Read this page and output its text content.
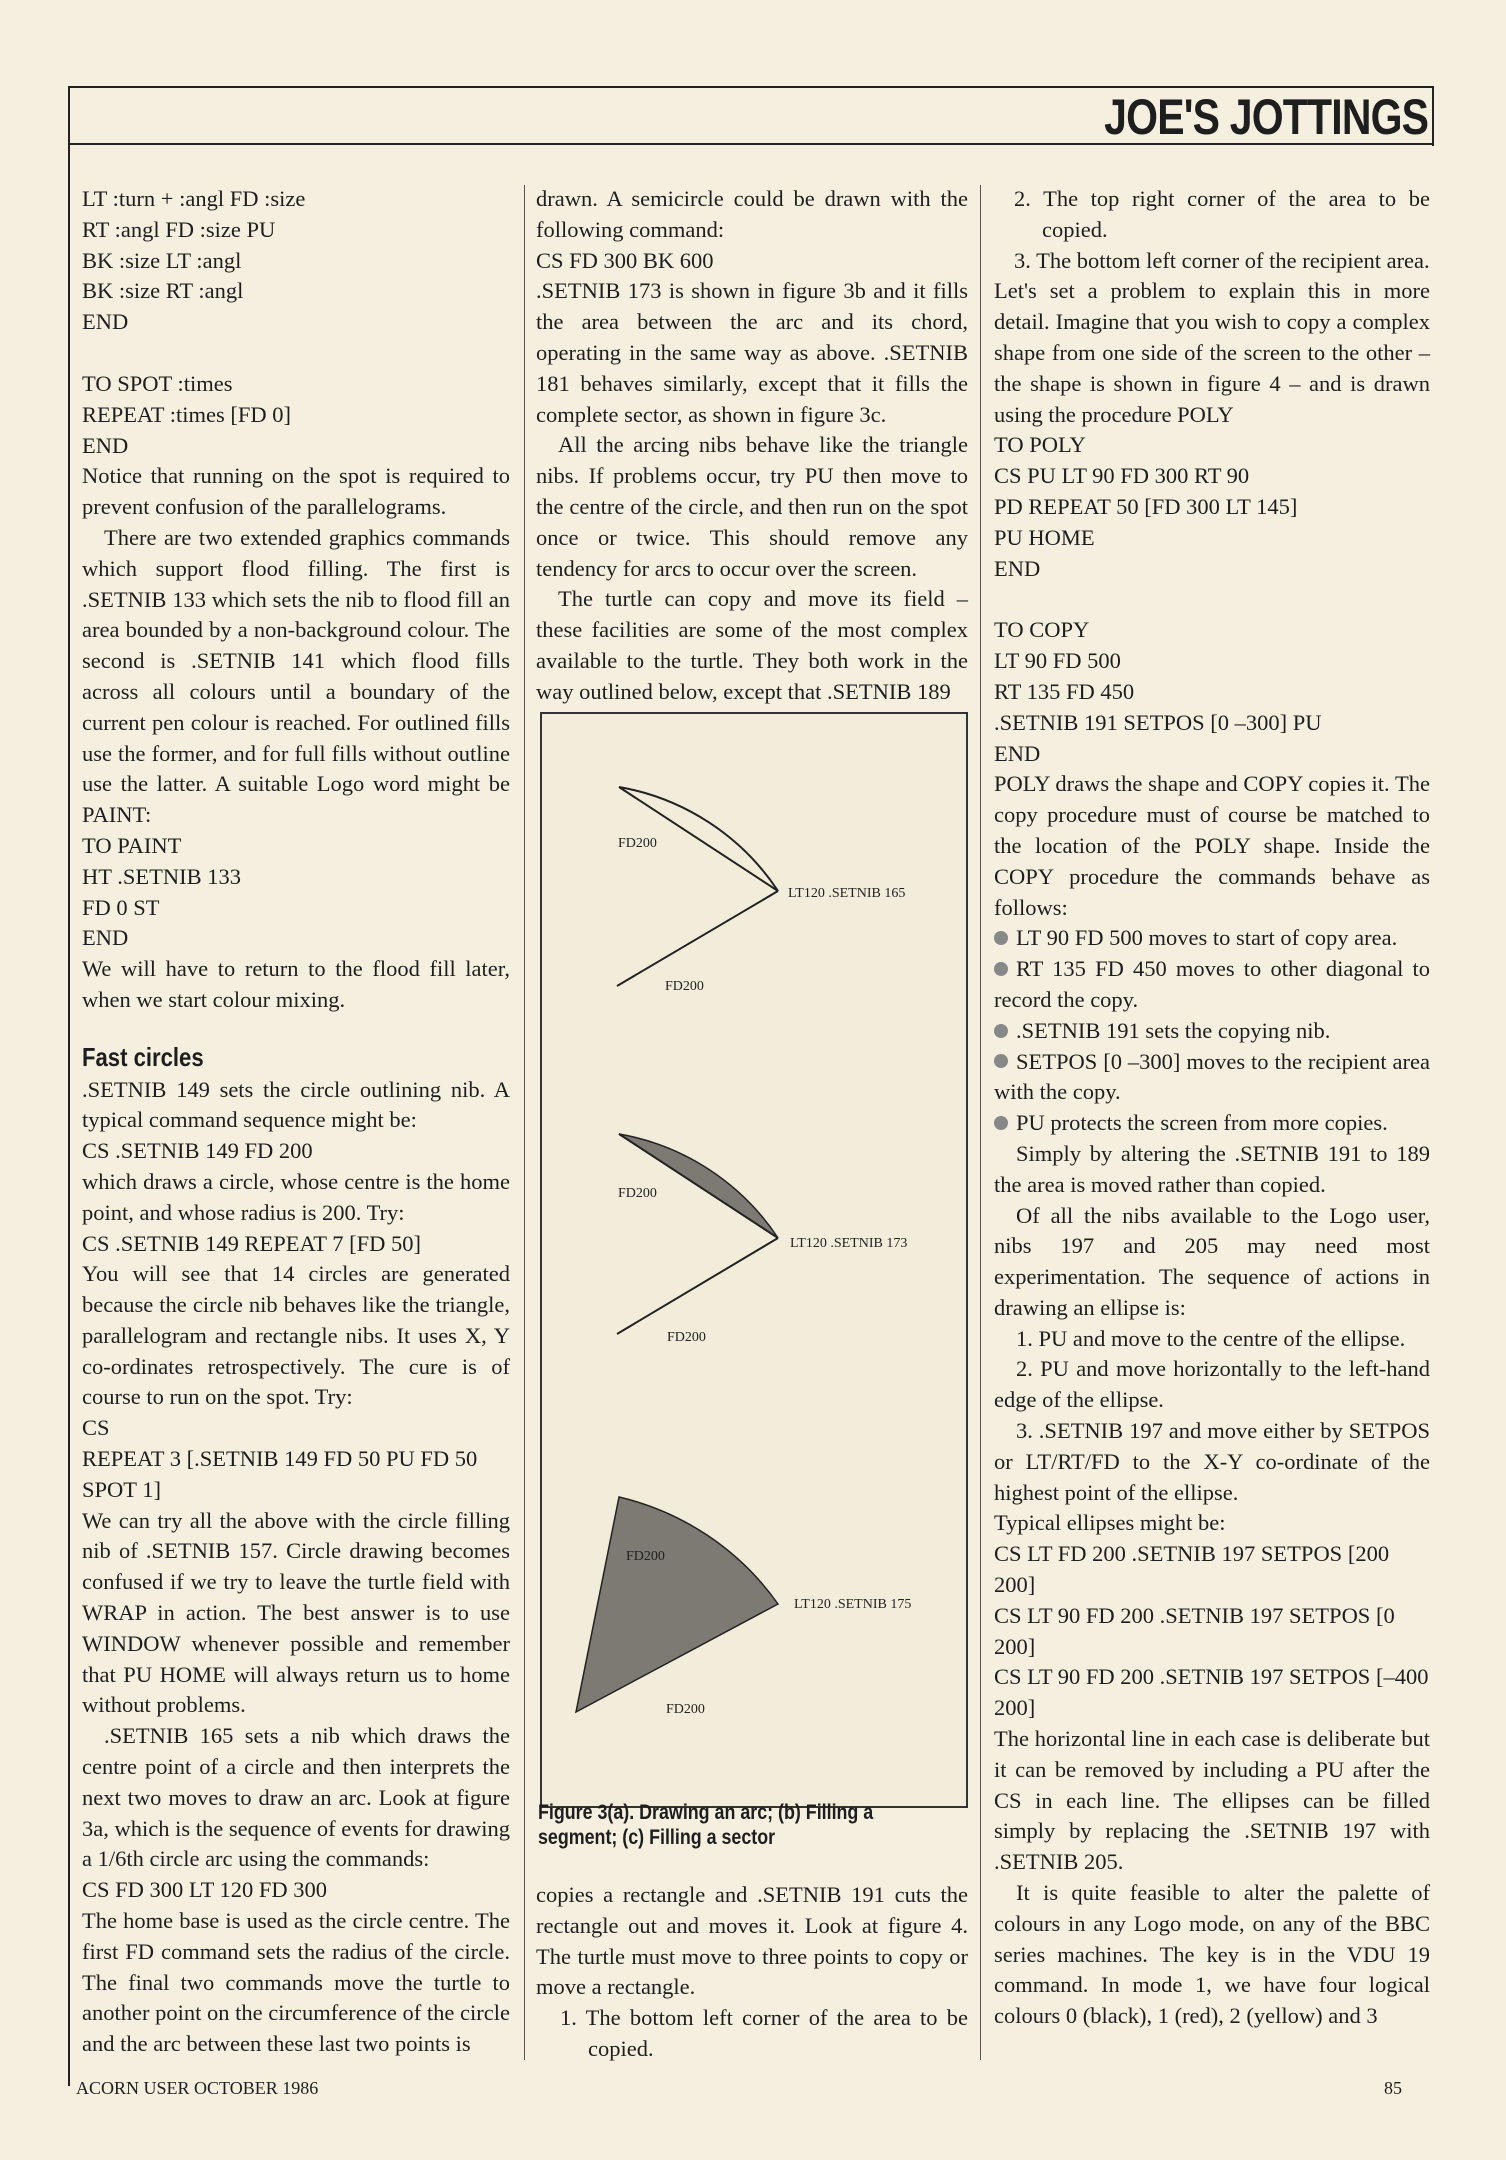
JOE'S JOTTINGS

LT :turn + :angl FD :size

RT :angl FD :size PU

BK :size LT :angl

BK :size RT :angl

END

TO SPOT :times

REPEAT :times [FD 0]

END

Notice that running on the spot is required to prevent confusion of the parallelograms.

There are two extended graphics commands which support flood filling. The first is .SETNIB 133 which sets the nib to flood fill an area bounded by a non-background colour. The second is .SETNIB 141 which flood fills across all colours until a boundary of the current pen colour is reached. For outlined fills use the former, and for full fills without outline use the latter. A suitable Logo word might be PAINT:

TO PAINT

HT .SETNIB 133

FD 0 ST

END

We will have to return to the flood fill later, when we start colour mixing.

Fast circles

.SETNIB 149 sets the circle outlining nib. A typical command sequence might be:

CS .SETNIB 149 FD 200

which draws a circle, whose centre is the home point, and whose radius is 200. Try:

CS .SETNIB 149 REPEAT 7 [FD 50]

You will see that 14 circles are generated because the circle nib behaves like the triangle, parallelogram and rectangle nibs. It uses X, Y co-ordinates retrospectively. The cure is of course to run on the spot. Try:

CS

REPEAT 3 [.SETNIB 149 FD 50 PU FD 50 SPOT 1]

We can try all the above with the circle filling nib of .SETNIB 157. Circle drawing becomes confused if we try to leave the turtle field with WRAP in action. The best answer is to use WINDOW whenever possible and remember that PU HOME will always return us to home without problems.

.SETNIB 165 sets a nib which draws the centre point of a circle and then interprets the next two moves to draw an arc. Look at figure 3a, which is the sequence of events for drawing a 1/6th circle arc using the commands:

CS FD 300 LT 120 FD 300

The home base is used as the circle centre. The first FD command sets the radius of the circle. The final two commands move the turtle to another point on the circumference of the circle and the arc between these last two points is

drawn. A semicircle could be drawn with the following command:

CS FD 300 BK 600

.SETNIB 173 is shown in figure 3b and it fills the area between the arc and its chord, operating in the same way as above. .SETNIB 181 behaves similarly, except that it fills the complete sector, as shown in figure 3c.

All the arcing nibs behave like the triangle nibs. If problems occur, try PU then move to the centre of the circle, and then run on the spot once or twice. This should remove any tendency for arcs to occur over the screen.

The turtle can copy and move its field – these facilities are some of the most complex available to the turtle. They both work in the way outlined below, except that .SETNIB 189

FD200
FD200
LT120 .SETNIB 165
FD200
FD200
LT120 .SETNIB 173
FD200
FD200
LT120 .SETNIB 175
Figure 3(a). Drawing an arc; (b) Filling a segment; (c) Filling a sector

copies a rectangle and .SETNIB 191 cuts the rectangle out and moves it. Look at figure 4. The turtle must move to three points to copy or move a rectangle.

1. The bottom left corner of the area to be copied.

2. The top right corner of the area to be copied.

3. The bottom left corner of the recipient area.

Let's set a problem to explain this in more detail. Imagine that you wish to copy a complex shape from one side of the screen to the other – the shape is shown in figure 4 – and is drawn using the procedure POLY

TO POLY

CS PU LT 90 FD 300 RT 90

PD REPEAT 50 [FD 300 LT 145]

PU HOME

END

TO COPY

LT 90 FD 500

RT 135 FD 450

.SETNIB 191 SETPOS [0 –300] PU

END

POLY draws the shape and COPY copies it. The copy procedure must of course be matched to the location of the POLY shape. Inside the COPY procedure the commands behave as follows:

LT 90 FD 500 moves to start of copy area.

RT 135 FD 450 moves to other diagonal to record the copy.

.SETNIB 191 sets the copying nib.

SETPOS [0 –300] moves to the recipient area with the copy.

PU protects the screen from more copies.

Simply by altering the .SETNIB 191 to 189 the area is moved rather than copied.

Of all the nibs available to the Logo user, nibs 197 and 205 may need most experimentation. The sequence of actions in drawing an ellipse is:

1. PU and move to the centre of the ellipse.

2. PU and move horizontally to the left-hand edge of the ellipse.

3. .SETNIB 197 and move either by SETPOS or LT/RT/FD to the X-Y co-ordinate of the highest point of the ellipse.

Typical ellipses might be:

CS LT FD 200 .SETNIB 197 SETPOS [200 200]

CS LT 90 FD 200 .SETNIB 197 SETPOS [0 200]

CS LT 90 FD 200 .SETNIB 197 SETPOS [–400 200]

The horizontal line in each case is deliberate but it can be removed by including a PU after the CS in each line. The ellipses can be filled simply by replacing the .SETNIB 197 with .SETNIB 205.

It is quite feasible to alter the palette of colours in any Logo mode, on any of the BBC series machines. The key is in the VDU 19 command. In mode 1, we have four logical colours 0 (black), 1 (red), 2 (yellow) and 3

ACORN USER OCTOBER 1986	85
